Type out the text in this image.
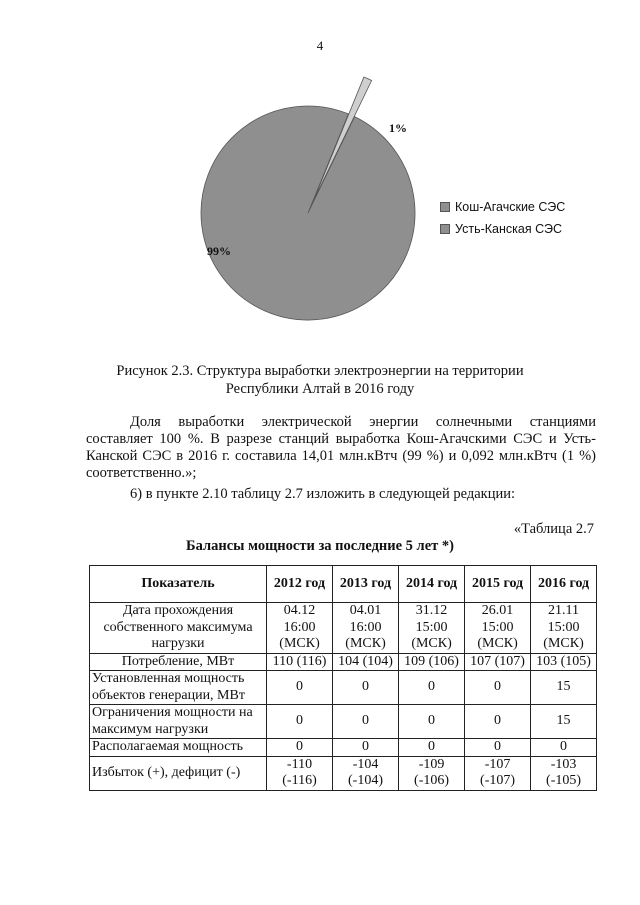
4
1%
99%
Кош-Агачские СЭС
Усть-Канская СЭС
Рисунок 2.3. Структура выработки электроэнергии на территории
Республики Алтай в 2016 году
Доля выработки электрической энергии солнечными станциями составляет 100 %. В разрезе станций выработка Кош-Агачскими СЭС и Усть-Канской СЭС в 2016 г. составила 14,01 млн.кВтч (99 %) и 0,092 млн.кВтч (1 %) соответственно.»;
6) в пункте 2.10 таблицу 2.7 изложить в следующей редакции:
«Таблица 2.7
Балансы мощности за последние 5 лет *)
Показатель	2012 год	2013 год	2014 год	2015 год	2016 год
Дата прохождения собственного максимума нагрузки	04.12 16:00 (МСК)	04.01 16:00 (МСК)	31.12 15:00 (МСК)	26.01 15:00 (МСК)	21.11 15:00 (МСК)
Потребление, МВт	110 (116)	104 (104)	109 (106)	107 (107)	103 (105)
Установленная мощность объектов генерации, МВт	0	0	0	0	15
Ограничения мощности на максимум нагрузки	0	0	0	0	15
Располагаемая мощность	0	0	0	0	0
Избыток (+), дефицит (-)	-110 (-116)	-104 (-104)	-109 (-106)	-107 (-107)	-103 (-105)
